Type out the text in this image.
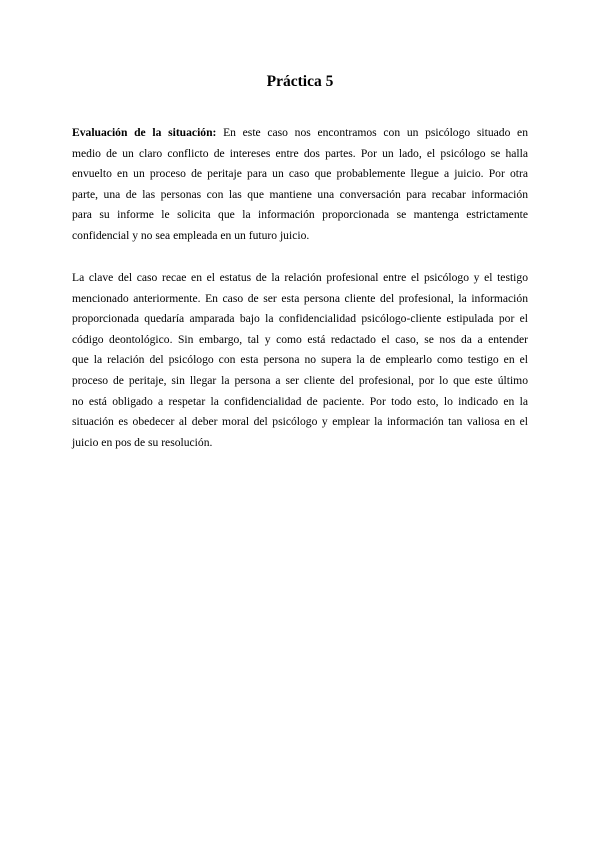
Práctica 5
Evaluación de la situación: En este caso nos encontramos con un psicólogo situado en
medio de un claro conflicto de intereses entre dos partes. Por un lado, el psicólogo se halla
envuelto en un proceso de peritaje para un caso que probablemente llegue a juicio. Por otra
parte, una de las personas con las que mantiene una conversación para recabar información
para su informe le solicita que la información proporcionada se mantenga estrictamente
confidencial y no sea empleada en un futuro juicio.
La clave del caso recae en el estatus de la relación profesional entre el psicólogo y el testigo
mencionado anteriormente. En caso de ser esta persona cliente del profesional, la información
proporcionada quedaría amparada bajo la confidencialidad psicólogo-cliente estipulada por el
código deontológico. Sin embargo, tal y como está redactado el caso, se nos da a entender
que la relación del psicólogo con esta persona no supera la de emplearlo como testigo en el
proceso de peritaje, sin llegar la persona a ser cliente del profesional, por lo que este último
no está obligado a respetar la confidencialidad de paciente. Por todo esto, lo indicado en la
situación es obedecer al deber moral del psicólogo y emplear la información tan valiosa en el
juicio en pos de su resolución.
